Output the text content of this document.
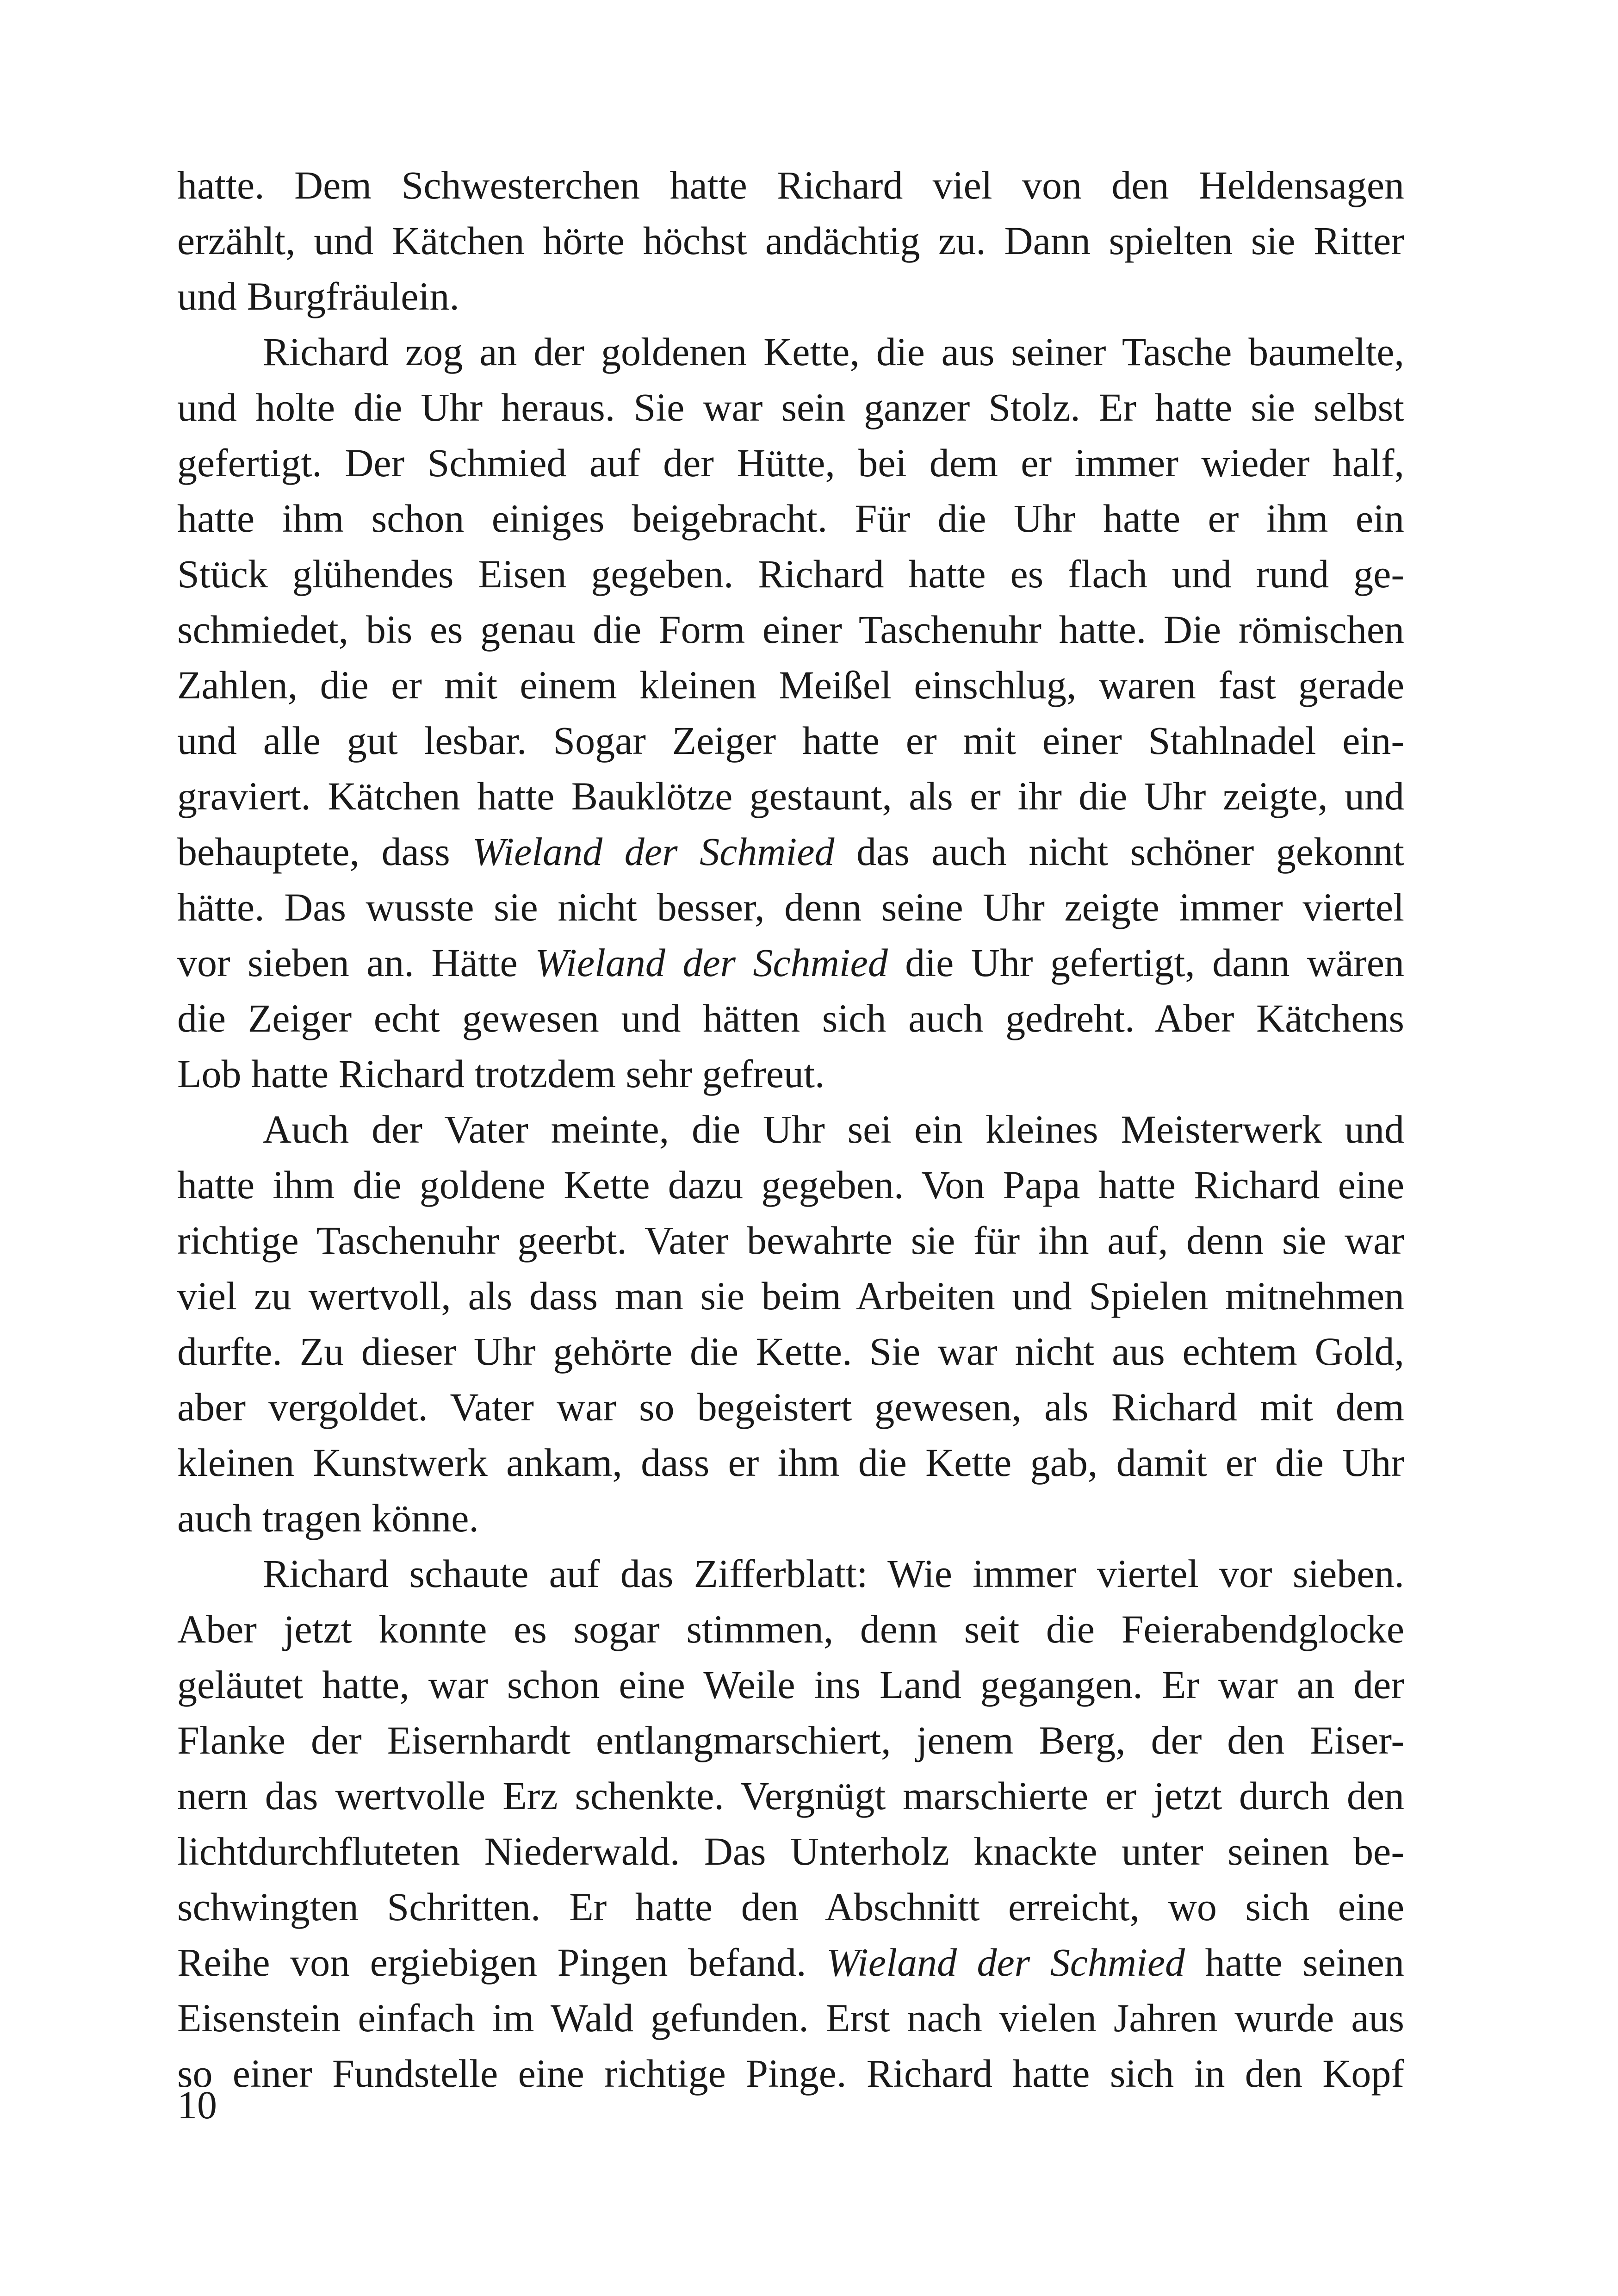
hatte. Dem Schwesterchen hatte Richard viel von den Heldensagen
erzählt, und Kätchen hörte höchst andächtig zu. Dann spielten sie Ritter
und Burgfräulein.
Richard zog an der goldenen Kette, die aus seiner Tasche baumelte,
und holte die Uhr heraus. Sie war sein ganzer Stolz. Er hatte sie selbst
gefertigt. Der Schmied auf der Hütte, bei dem er immer wieder half,
hatte ihm schon einiges beigebracht. Für die Uhr hatte er ihm ein
Stück glühendes Eisen gegeben. Richard hatte es flach und rund ge-
schmiedet, bis es genau die Form einer Taschenuhr hatte. Die römischen
Zahlen, die er mit einem kleinen Meißel einschlug, waren fast gerade
und alle gut lesbar. Sogar Zeiger hatte er mit einer Stahlnadel ein-
graviert. Kätchen hatte Bauklötze gestaunt, als er ihr die Uhr zeigte, und
behauptete, dass Wieland der Schmied das auch nicht schöner gekonnt
hätte. Das wusste sie nicht besser, denn seine Uhr zeigte immer viertel
vor sieben an. Hätte Wieland der Schmied die Uhr gefertigt, dann wären
die Zeiger echt gewesen und hätten sich auch gedreht. Aber Kätchens
Lob hatte Richard trotzdem sehr gefreut.
Auch der Vater meinte, die Uhr sei ein kleines Meisterwerk und
hatte ihm die goldene Kette dazu gegeben. Von Papa hatte Richard eine
richtige Taschenuhr geerbt. Vater bewahrte sie für ihn auf, denn sie war
viel zu wertvoll, als dass man sie beim Arbeiten und Spielen mitnehmen
durfte. Zu dieser Uhr gehörte die Kette. Sie war nicht aus echtem Gold,
aber vergoldet. Vater war so begeistert gewesen, als Richard mit dem
kleinen Kunstwerk ankam, dass er ihm die Kette gab, damit er die Uhr
auch tragen könne.
Richard schaute auf das Zifferblatt: Wie immer viertel vor sieben.
Aber jetzt konnte es sogar stimmen, denn seit die Feierabendglocke
geläutet hatte, war schon eine Weile ins Land gegangen. Er war an der
Flanke der Eisernhardt entlangmarschiert, jenem Berg, der den Eiser-
nern das wertvolle Erz schenkte. Vergnügt marschierte er jetzt durch den
lichtdurchfluteten Niederwald. Das Unterholz knackte unter seinen be-
schwingten Schritten. Er hatte den Abschnitt erreicht, wo sich eine
Reihe von ergiebigen Pingen befand. Wieland der Schmied hatte seinen
Eisenstein einfach im Wald gefunden. Erst nach vielen Jahren wurde aus
so einer Fundstelle eine richtige Pinge. Richard hatte sich in den Kopf
10
